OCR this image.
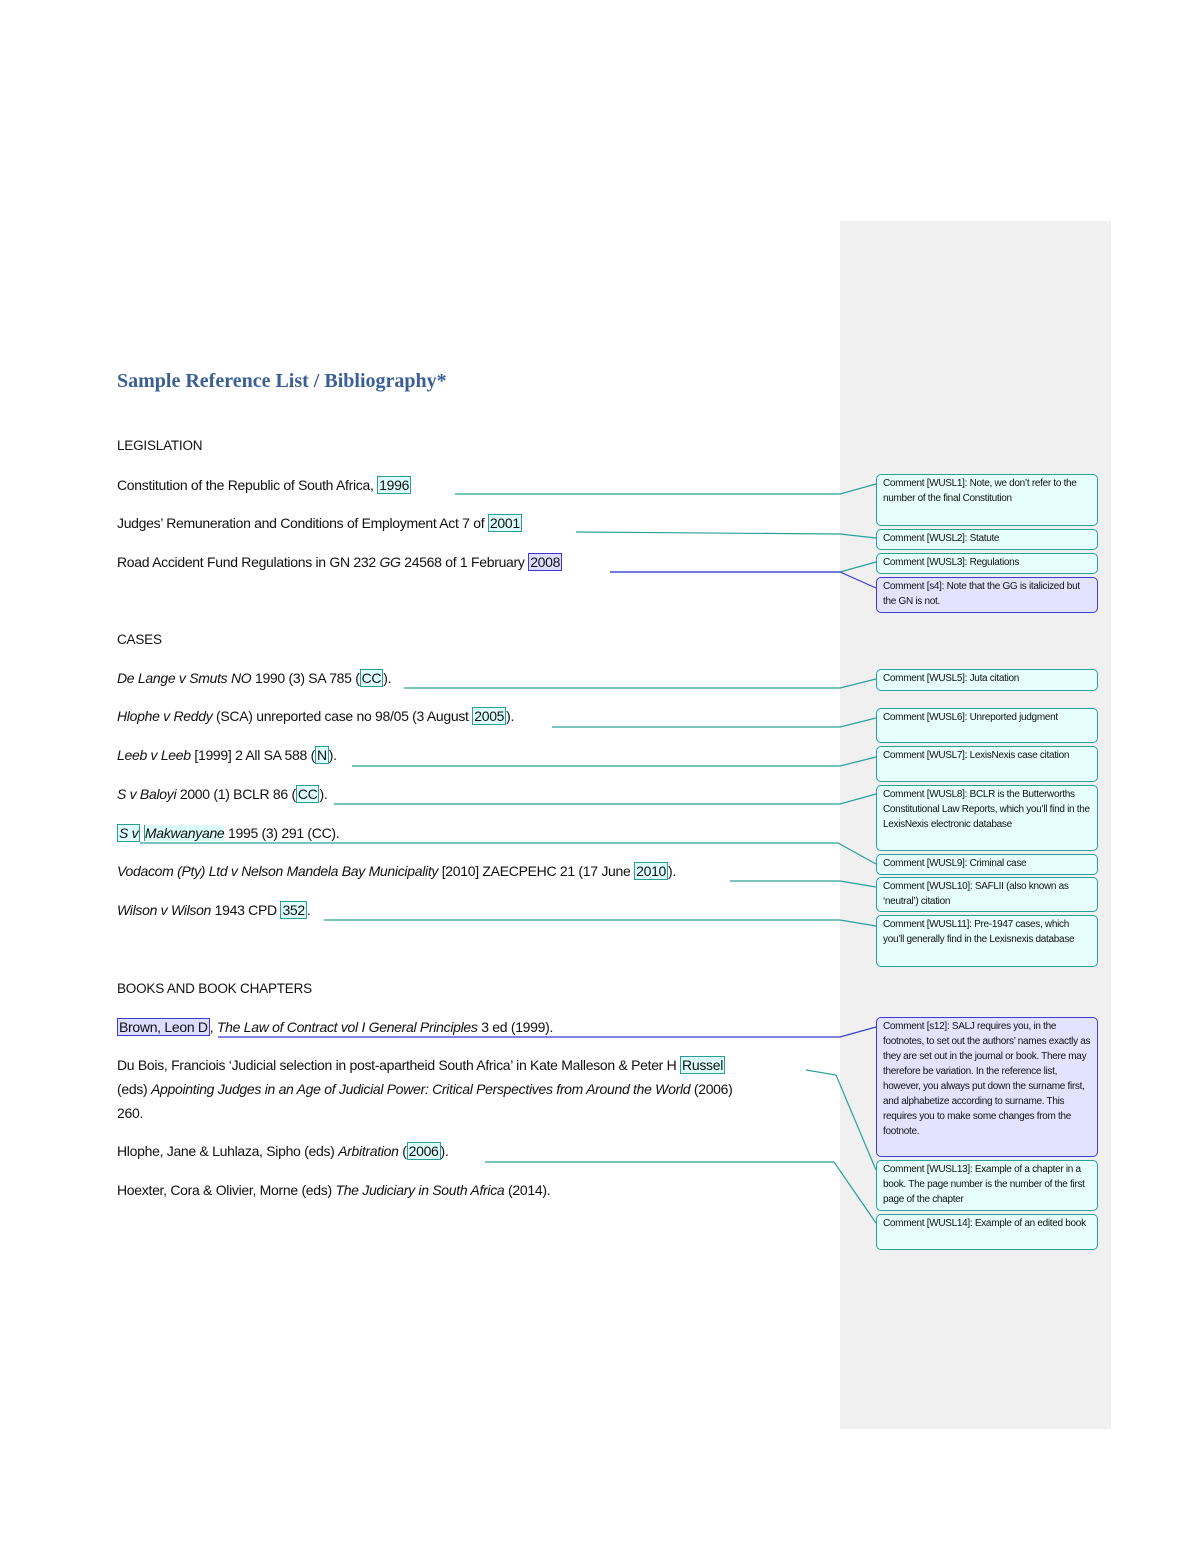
Sample Reference List / Bibliography*
LEGISLATION
Constitution of the Republic of South Africa, 1996
Judges’ Remuneration and Conditions of Employment Act 7 of 2001
Road Accident Fund Regulations in GN 232 GG 24568 of 1 February 2008
CASES
De Lange v Smuts NO 1990 (3) SA 785 ( CC ).
Hlophe v Reddy (SCA) unreported case no 98/05 (3 August 2005 ).
Leeb v Leeb [1999] 2 All SA 588 ( N ).
S v Baloyi 2000 (1) BCLR 86 ( CC ).
S v Makwanyane 1995 (3) 291 (CC).
Vodacom (Pty) Ltd v Nelson Mandela Bay Municipality [2010] ZAECPEHC 21 (17 June 2010 ).
Wilson v Wilson 1943 CPD 352 .
BOOKS AND BOOK CHAPTERS
Brown, Leon D , The Law of Contract vol I General Principles 3 ed (1999).
Du Bois, Franciois ‘Judicial selection in post-apartheid South Africa’ in Kate Malleson & Peter H Russel
(eds) Appointing Judges in an Age of Judicial Power: Critical Perspectives from Around the World (2006)
260.
Hlophe, Jane & Luhlaza, Sipho (eds) Arbitration ( 2006 ).
Hoexter, Cora & Olivier, Morne (eds) The Judiciary in South Africa (2014).
Comment [WUSL1]: Note, we don’t refer to the number of the final Constitution
Comment [WUSL2]: Statute
Comment [WUSL3]: Regulations
Comment [s4]: Note that the GG is italicized but the GN is not.
Comment [WUSL5]: Juta citation
Comment [WUSL6]: Unreported judgment
Comment [WUSL7]: LexisNexis case citation
Comment [WUSL8]: BCLR is the Butterworths Constitutional Law Reports, which you’ll find in the LexisNexis electronic database
Comment [WUSL9]: Criminal case
Comment [WUSL10]: SAFLII (also known as ‘neutral’) citation
Comment [WUSL11]: Pre-1947 cases, which you’ll generally find in the Lexisnexis database
Comment [s12]: SALJ requires you, in the footnotes, to set out the authors’ names exactly as they are set out in the journal or book. There may therefore be variation. In the reference list, however, you always put down the surname first, and alphabetize according to surname. This requires you to make some changes from the footnote.
Comment [WUSL13]: Example of a chapter in a book. The page number is the number of the first page of the chapter
Comment [WUSL14]: Example of an edited book
